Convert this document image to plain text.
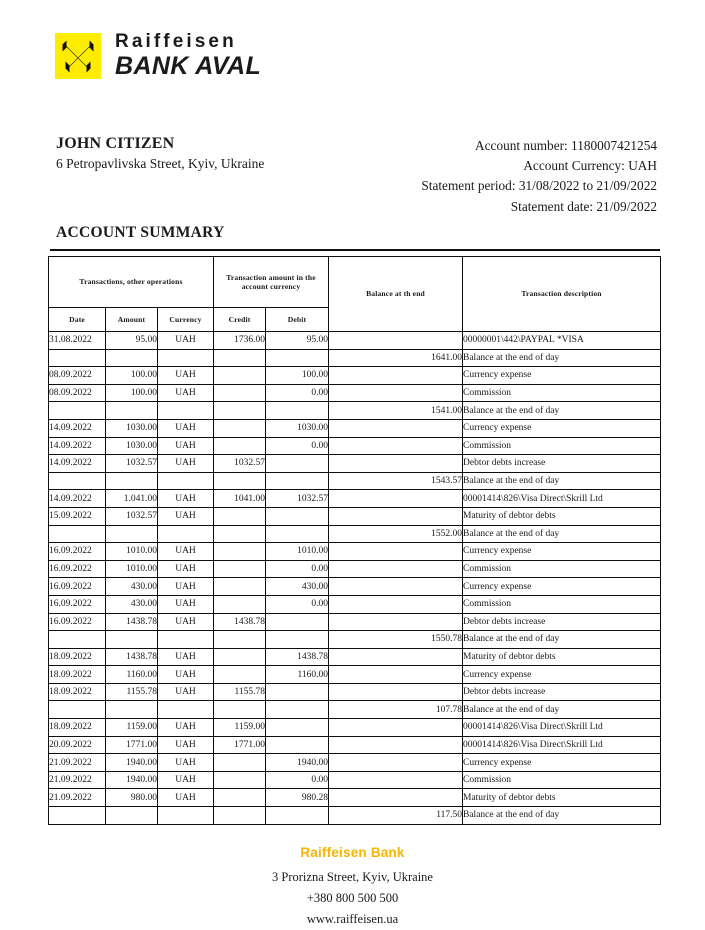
Raiffeisen
BANK AVAL

JOHN CITIZEN

6 Petropavlivska Street, Kyiv, Ukraine

Account number: 1180007421254
Account Currency: UAH
Statement period: 31/08/2022 to 21/09/2022
Statement date: 21/09/2022
ACCOUNT SUMMARY
Transactions, other operations			Transaction amount in the account currency		Balance at th end	Transaction description
Date	Amount	Currency	Credit	Debit		
31.08.2022	95.00	UAH	1736.00	95.00		00000001\442\PAYPAL *VISA
					1641.00	Balance at the end of day
08.09.2022	100.00	UAH		100.00		Currency expense
08.09.2022	100.00	UAH		0.00		Commission
					1541.00	Balance at the end of day
14.09.2022	1030.00	UAH		1030.00		Currency expense
14.09.2022	1030.00	UAH		0.00		Commission
14.09.2022	1032.57	UAH	1032.57			Debtor debts increase
					1543.57	Balance at the end of day
14.09.2022	1.041.00	UAH	1041.00	1032.57		00001414\826\Visa Direct\Skrill Ltd
15.09.2022	1032.57	UAH				Maturity of debtor debts
					1552.00	Balance at the end of day
16.09.2022	1010.00	UAH		1010.00		Currency expense
16.09.2022	1010.00	UAH		0.00		Commission
16.09.2022	430.00	UAH		430.00		Currency expense
16.09.2022	430.00	UAH		0.00		Commission
16.09.2022	1438.78	UAH	1438.78			Debtor debts increase
					1550.78	Balance at the end of day
18.09.2022	1438.78	UAH		1438.78		Maturity of debtor debts
18.09.2022	1160.00	UAH		1160.00		Currency expense
18.09.2022	1155.78	UAH	1155.78			Debtor debts increase
					107.78	Balance at the end of day
18.09.2022	1159.00	UAH	1159.00			00001414\826\Visa Direct\Skrill Ltd
20.09.2022	1771.00	UAH	1771.00			00001414\826\Visa Direct\Skrill Ltd
21.09.2022	1940.00	UAH		1940.00		Currency expense
21.09.2022	1940.00	UAH		0.00		Commission
21.09.2022	980.00	UAH		980.28		Maturity of debtor debts
					117.50	Balance at the end of day
Raiffeisen Bank
3 Prorizna Street, Kyiv, Ukraine
+380 800 500 500
www.raiffeisen.ua
